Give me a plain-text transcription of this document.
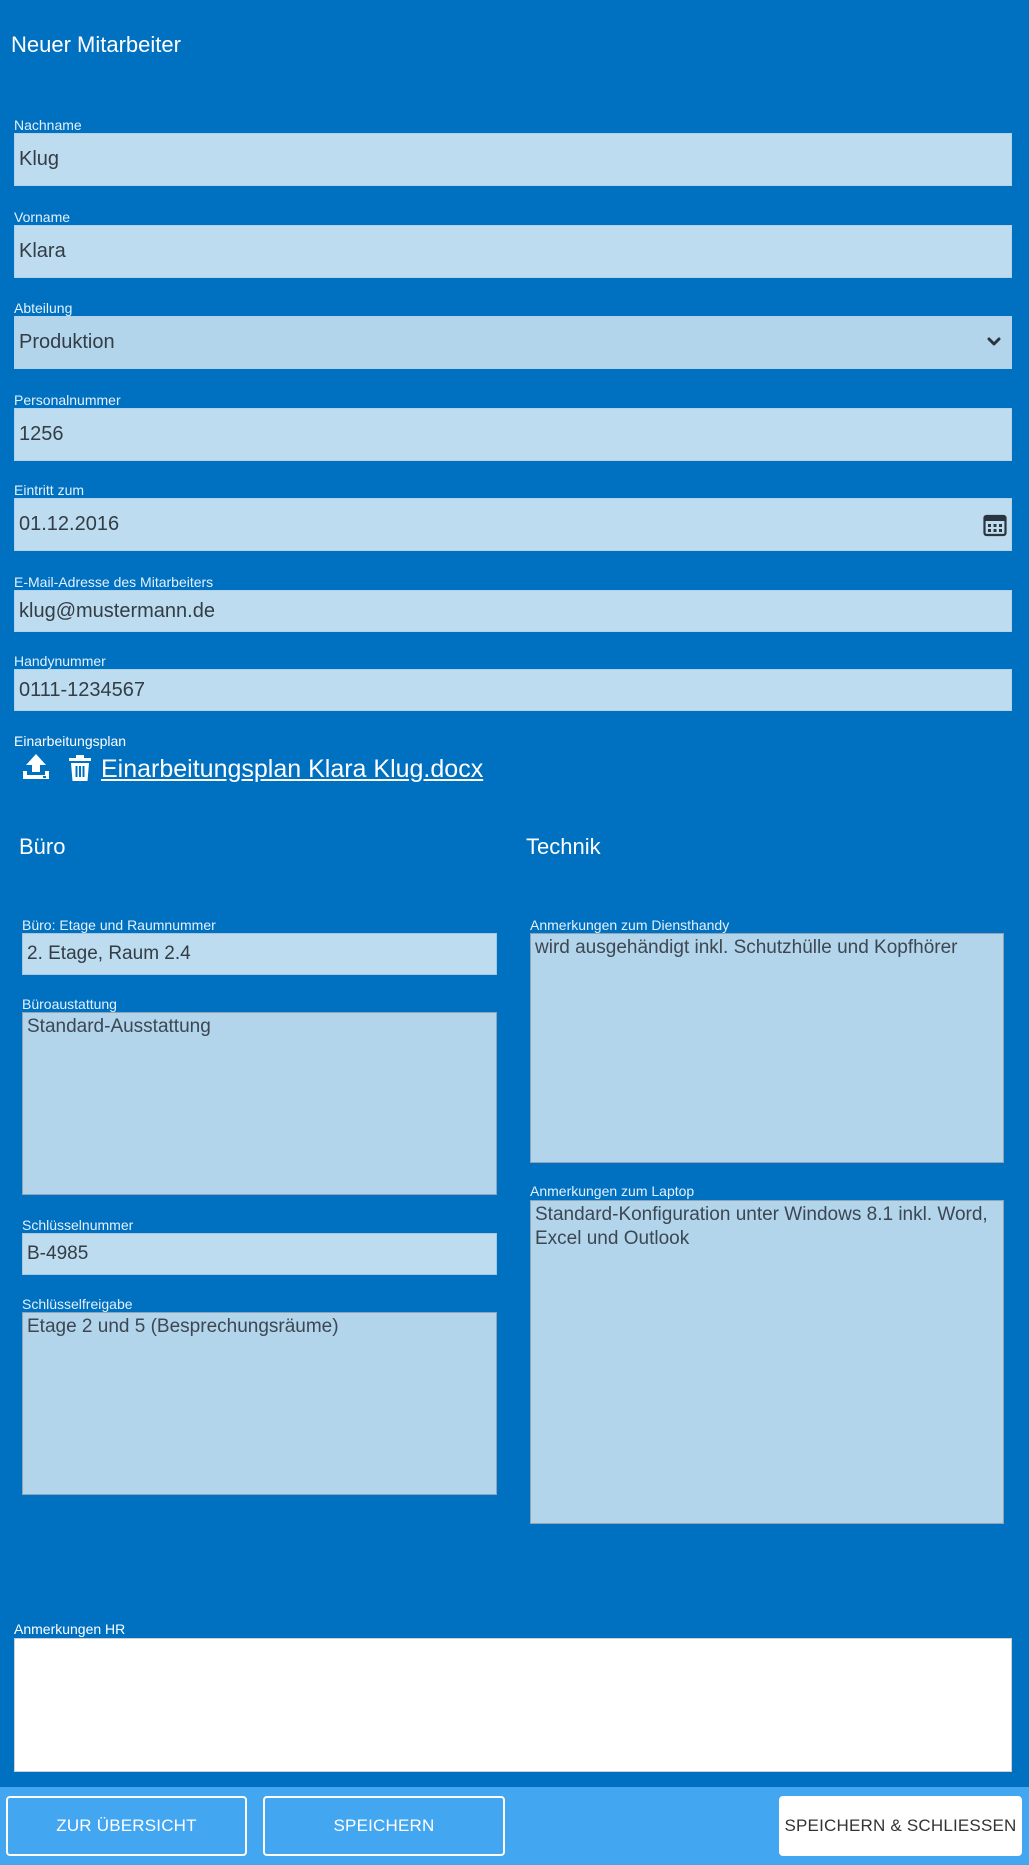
Neuer Mitarbeiter
Nachname
Klug
Vorname
Klara
Abteilung
Produktion
Personalnummer
1256
Eintritt zum
01.12.2016
E-Mail-Adresse des Mitarbeiters
klug@mustermann.de
Handynummer
0111-1234567
Einarbeitungsplan
Einarbeitungsplan Klara Klug.docx
Büro
Büro: Etage und Raumnummer
2. Etage, Raum 2.4
Büroaustattung
Standard-Ausstattung
Schlüsselnummer
B-4985
Schlüsselfreigabe
Etage 2 und 5 (Besprechungsräume)
Technik
Anmerkungen zum Diensthandy
wird ausgehändigt inkl. Schutzhülle und Kopfhörer
Anmerkungen zum Laptop
Standard-Konfiguration unter Windows 8.1 inkl. Word, Excel und Outlook
Anmerkungen HR
ZUR ÜBERSICHT	SPEICHERN	SPEICHERN & SCHLIESSEN
